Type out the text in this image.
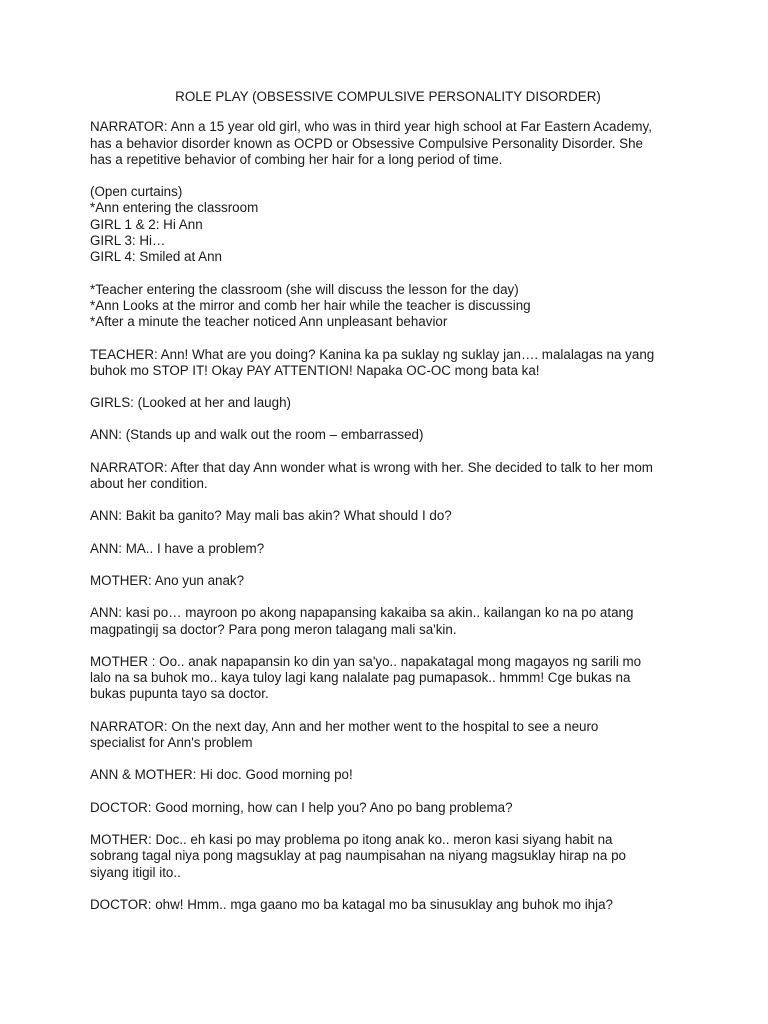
ROLE PLAY (OBSESSIVE COMPULSIVE PERSONALITY DISORDER)
NARRATOR: Ann a 15 year old girl, who was in third year high school at Far Eastern Academy,
has a behavior disorder known as OCPD or Obsessive Compulsive Personality Disorder. She
has a repetitive behavior of combing her hair for a long period of time.
(Open curtains)
*Ann entering the classroom
GIRL 1 & 2: Hi Ann
GIRL 3: Hi…
GIRL 4: Smiled at Ann
*Teacher entering the classroom (she will discuss the lesson for the day)
*Ann Looks at the mirror and comb her hair while the teacher is discussing
*After a minute the teacher noticed Ann unpleasant behavior
TEACHER: Ann! What are you doing? Kanina ka pa suklay ng suklay jan…. malalagas na yang
buhok mo STOP IT! Okay PAY ATTENTION! Napaka OC-OC mong bata ka!
GIRLS: (Looked at her and laugh)
ANN: (Stands up and walk out the room – embarrassed)
NARRATOR: After that day Ann wonder what is wrong with her. She decided to talk to her mom
about her condition.
ANN: Bakit ba ganito? May mali bas akin? What should I do?
ANN: MA.. I have a problem?
MOTHER: Ano yun anak?
ANN: kasi po… mayroon po akong napapansing kakaiba sa akin.. kailangan ko na po atang
magpatingij sa doctor? Para pong meron talagang mali sa'kin.
MOTHER : Oo.. anak napapansin ko din yan sa'yo.. napakatagal mong magayos ng sarili mo
lalo na sa buhok mo.. kaya tuloy lagi kang nalalate pag pumapasok.. hmmm! Cge bukas na
bukas pupunta tayo sa doctor.
NARRATOR: On the next day, Ann and her mother went to the hospital to see a neuro
specialist for Ann's problem
ANN & MOTHER: Hi doc. Good morning po!
DOCTOR: Good morning, how can I help you? Ano po bang problema?
MOTHER: Doc.. eh kasi po may problema po itong anak ko.. meron kasi siyang habit na
sobrang tagal niya pong magsuklay at pag naumpisahan na niyang magsuklay hirap na po
siyang itigil ito..
DOCTOR: ohw! Hmm.. mga gaano mo ba katagal mo ba sinusuklay ang buhok mo ihja?
